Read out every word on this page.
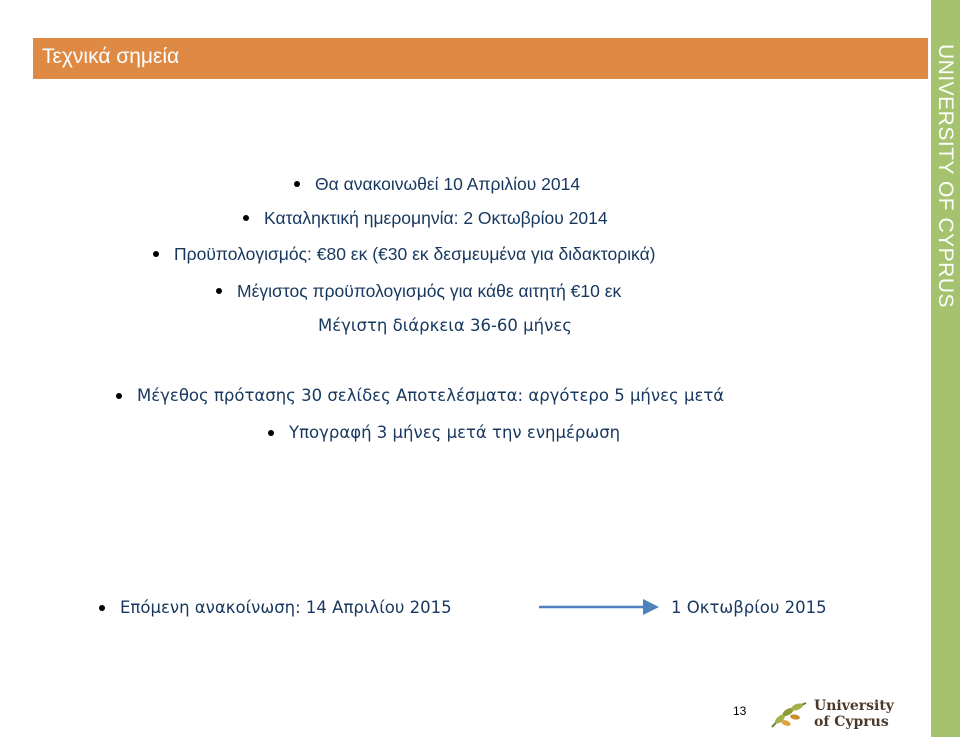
UNIVERSITY OF CYPRUS
Τεχνικά σημεία
Θα ανακοινωθεί 10 Απριλίου 2014
Καταληκτική ημερομηνία: 2 Οκτωβρίου 2014
Προϋπολογισμός: €80 εκ (€30 εκ δεσμευμένα για διδακτορικά)
Μέγιστος προϋπολογισμός για κάθε αιτητή €10 εκ
Μέγιστη διάρκεια 36-60 μήνες
Μέγεθος πρότασης 30 σελίδες Αποτελέσματα: αργότερο 5 μήνες μετά
Υπογραφή 3 μήνες μετά την ενημέρωση
Επόμενη ανακοίνωση: 14 Απριλίου 2015	1 Οκτωβρίου 2015
13	University
of Cyprus
